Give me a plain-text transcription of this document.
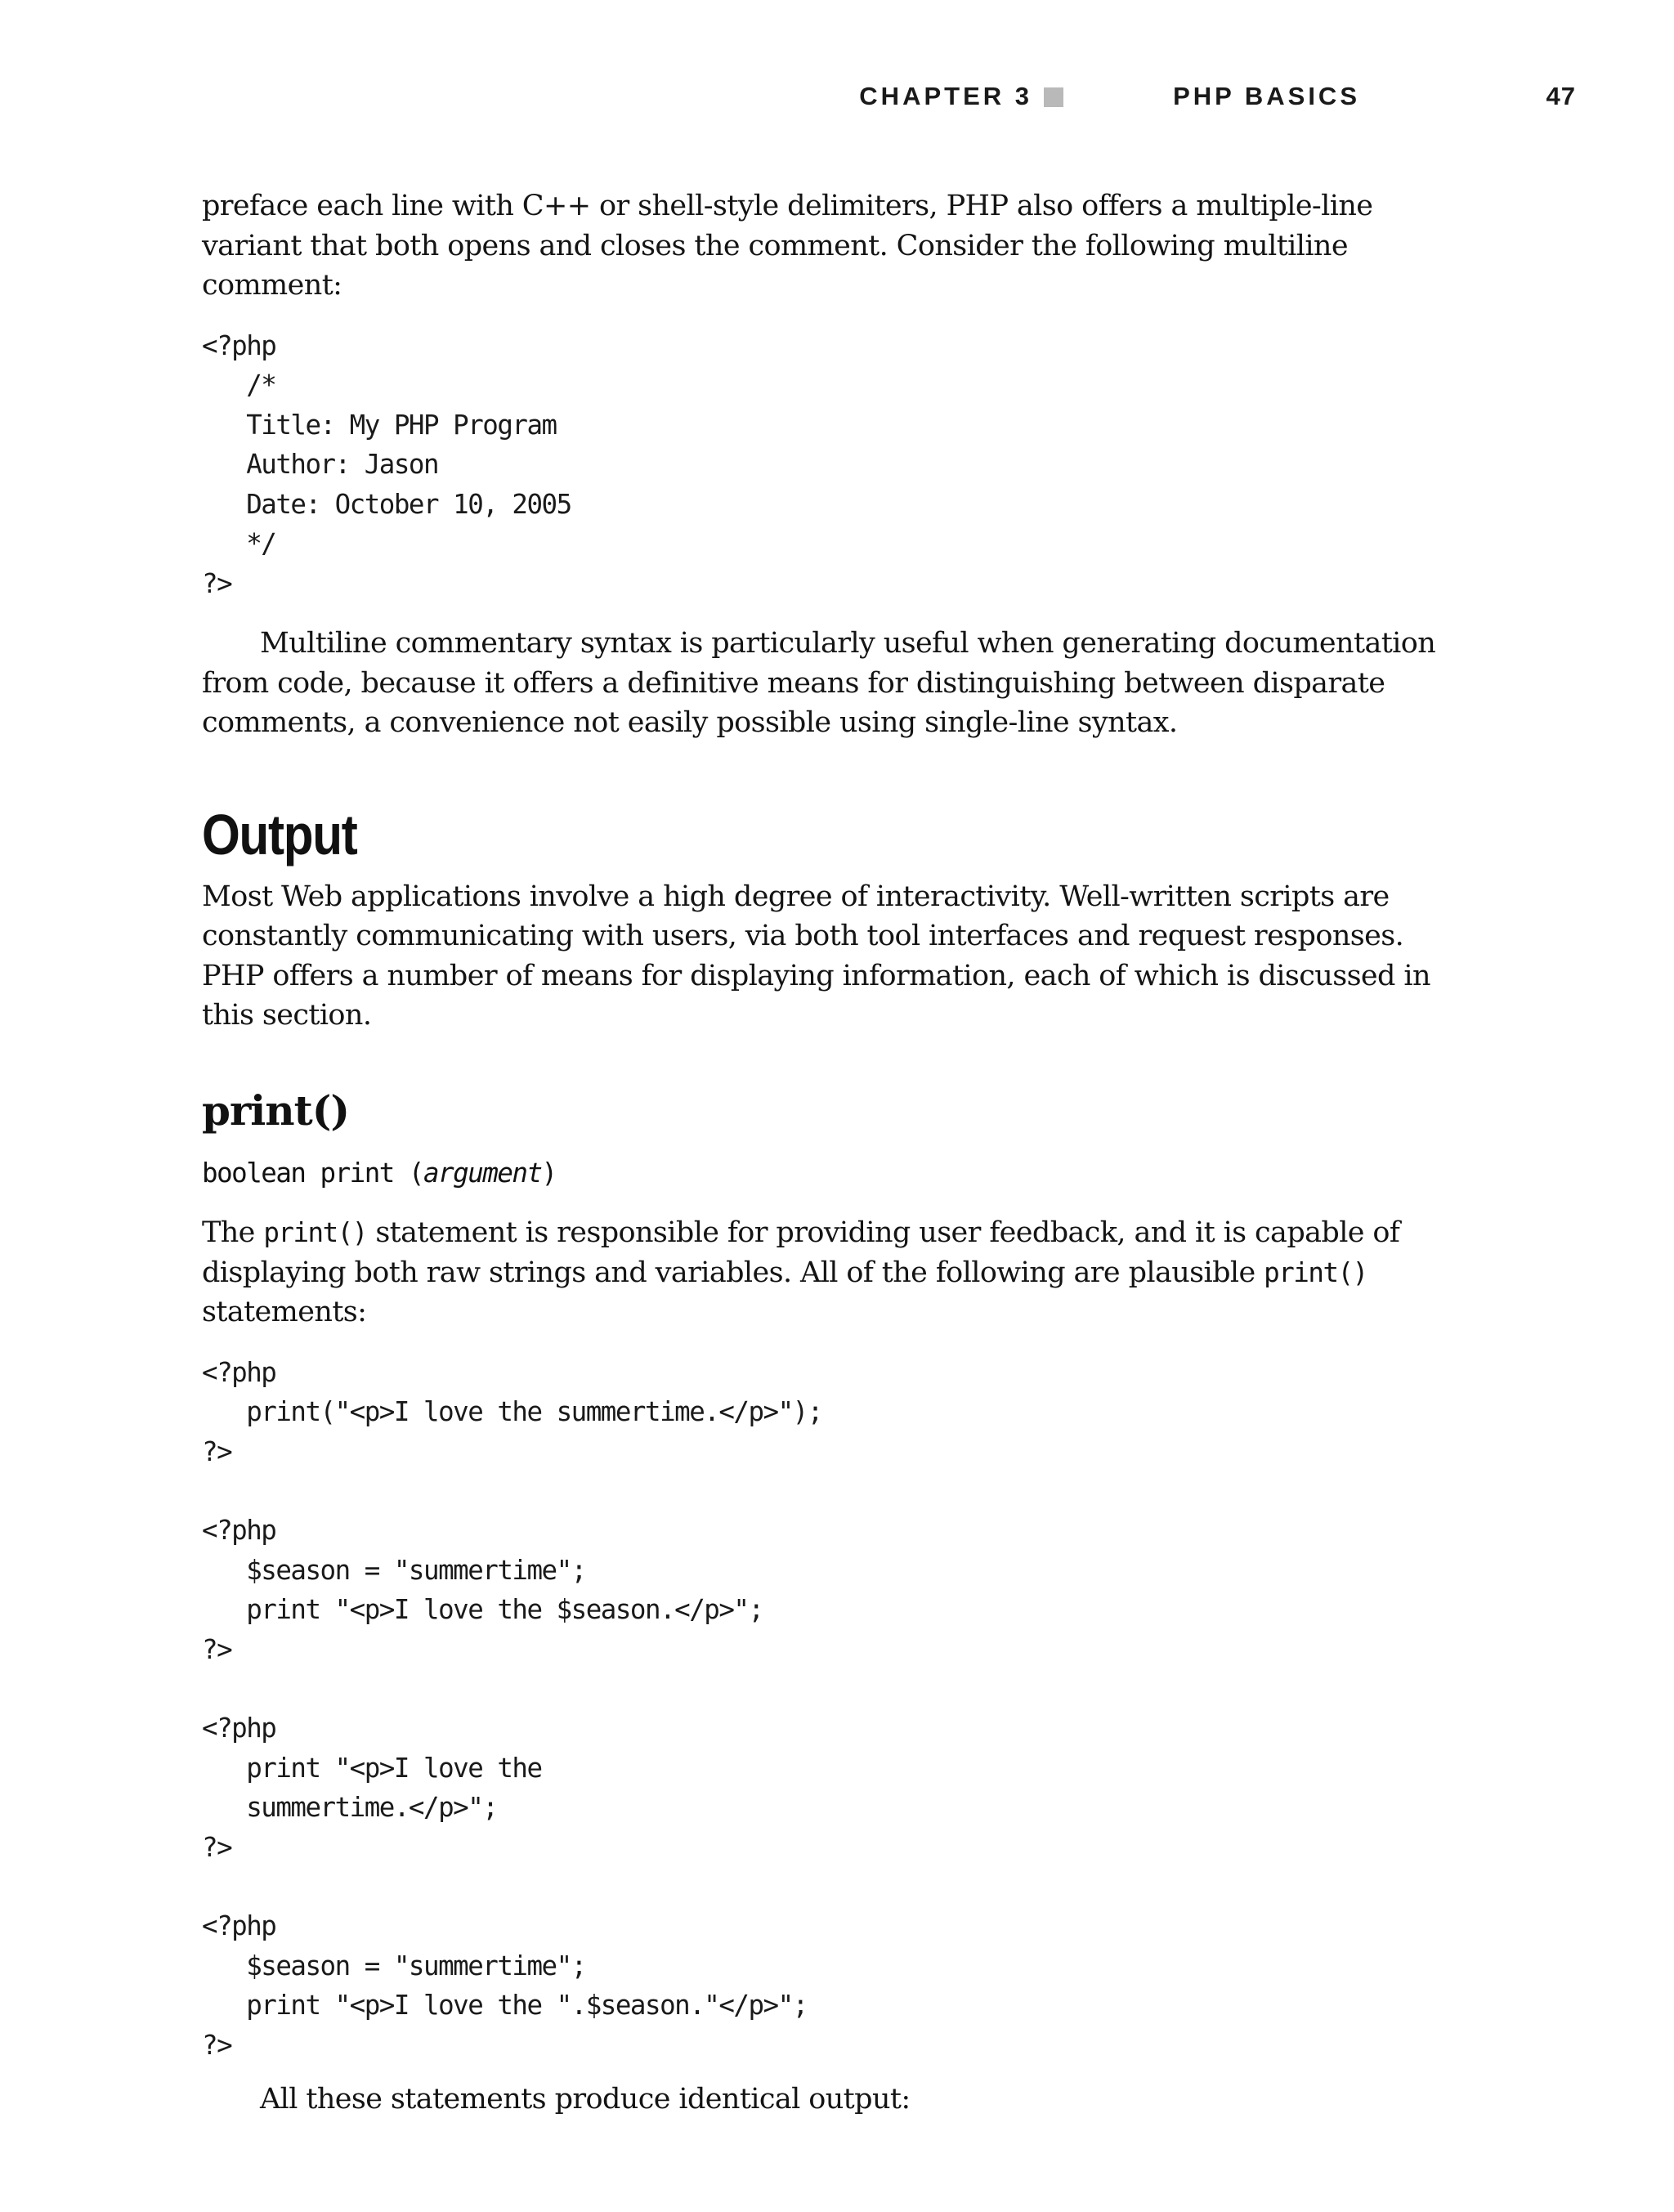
CHAPTER 3	PHP BASICS	47

preface each line with C++ or shell-style delimiters, PHP also offers a multiple-line variant that both opens and closes the comment. Consider the following multiline comment:

<?php
/*
Title: My PHP Program
Author: Jason
Date: October 10, 2005
*/
?>

Multiline commentary syntax is particularly useful when generating documentation from code, because it offers a definitive means for distinguishing between disparate comments, a convenience not easily possible using single-line syntax.

Output

Most Web applications involve a high degree of interactivity. Well-written scripts are constantly communicating with users, via both tool interfaces and request responses. PHP offers a number of means for displaying information, each of which is discussed in this section.

print()

boolean print (argument)

The print() statement is responsible for providing user feedback, and it is capable of displaying both raw strings and variables. All of the following are plausible print() statements:

<?php
print("<p>I love the summertime.</p>");
?>
<?php
$season = "summertime";
print "<p>I love the $season.</p>";
?>
<?php
print "<p>I love the
summertime.</p>";
?>
<?php
$season = "summertime";
print "<p>I love the ".$season."</p>";
?>

All these statements produce identical output:
